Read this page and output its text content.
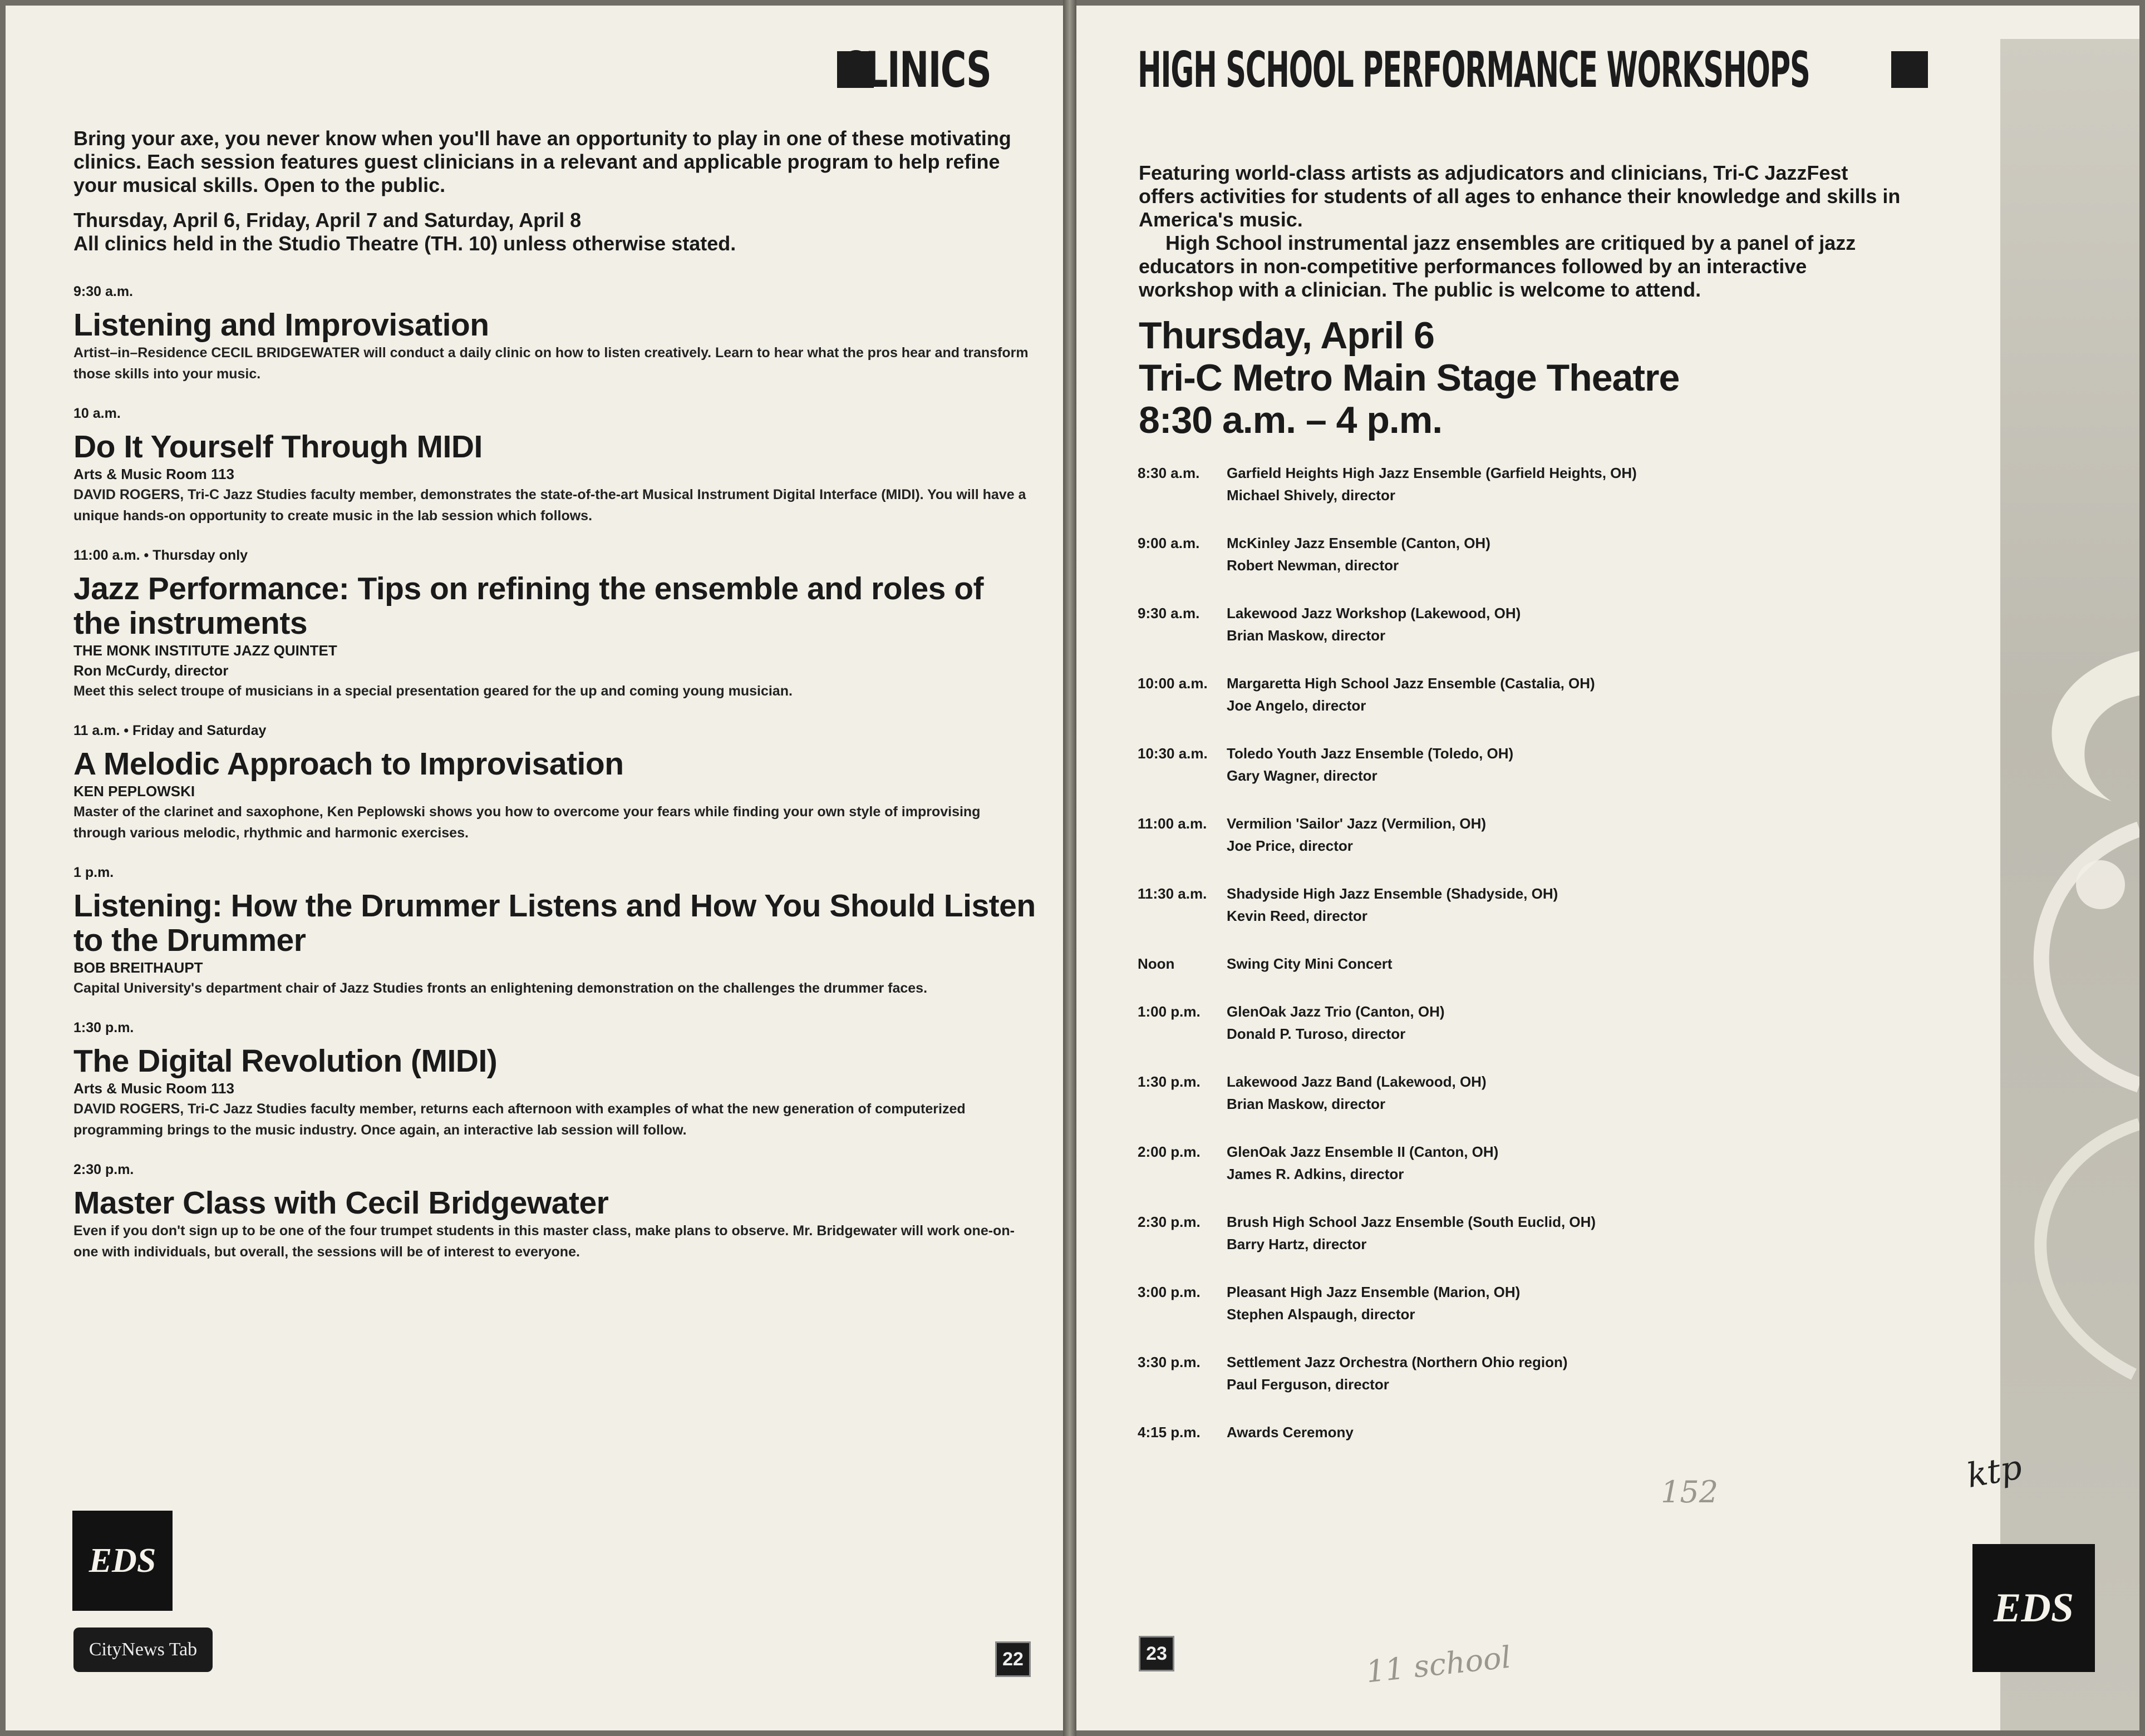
CLINICS
Bring your axe, you never know when you'll have an opportunity to play in one of these motivating clinics. Each session features guest clinicians in a relevant and applicable program to help refine your musical skills. Open to the public.
Thursday, April 6, Friday, April 7 and Saturday, April 8
All clinics held in the Studio Theatre (TH. 10) unless otherwise stated.
9:30 a.m.
Listening and Improvisation
Artist–in–Residence CECIL BRIDGEWATER will conduct a daily clinic on how to listen creatively. Learn to hear what the pros hear and transform those skills into your music.
10 a.m.
Do It Yourself Through MIDI
Arts & Music Room 113
DAVID ROGERS, Tri-C Jazz Studies faculty member, demonstrates the state-of-the-art Musical Instrument Digital Interface (MIDI). You will have a unique hands-on opportunity to create music in the lab session which follows.
11:00 a.m. • Thursday only
Jazz Performance: Tips on refining the ensemble and roles of the instruments
THE MONK INSTITUTE JAZZ QUINTET
Ron McCurdy, director
Meet this select troupe of musicians in a special presentation geared for the up and coming young musician.
11 a.m. • Friday and Saturday
A Melodic Approach to Improvisation
KEN PEPLOWSKI
Master of the clarinet and saxophone, Ken Peplowski shows you how to overcome your fears while finding your own style of improvising through various melodic, rhythmic and harmonic exercises.
1 p.m.
Listening: How the Drummer Listens and How You Should Listen to the Drummer
BOB BREITHAUPT
Capital University's department chair of Jazz Studies fronts an enlightening demonstration on the challenges the drummer faces.
1:30 p.m.
The Digital Revolution (MIDI)
Arts & Music Room 113
DAVID ROGERS, Tri-C Jazz Studies faculty member, returns each afternoon with examples of what the new generation of computerized programming brings to the music industry. Once again, an interactive lab session will follow.
2:30 p.m.
Master Class with Cecil Bridgewater
Even if you don't sign up to be one of the four trumpet students in this master class, make plans to observe. Mr. Bridgewater will work one-on-one with individuals, but overall, the sessions will be of interest to everyone.
EDS
CityNews Tab	22
HIGH SCHOOL PERFORMANCE WORKSHOPS
Featuring world-class artists as adjudicators and clinicians, Tri-C JazzFest offers activities for students of all ages to enhance their knowledge and skills in America's music.
High School instrumental jazz ensembles are critiqued by a panel of jazz educators in non-competitive performances followed by an interactive workshop with a clinician. The public is welcome to attend.
Thursday, April 6
Tri-C Metro Main Stage Theatre
8:30 a.m. – 4 p.m.
8:30 a.m.	Garfield Heights High Jazz Ensemble (Garfield Heights, OH)
Michael Shively, director
9:00 a.m.	McKinley Jazz Ensemble (Canton, OH)
Robert Newman, director
9:30 a.m.	Lakewood Jazz Workshop (Lakewood, OH)
Brian Maskow, director
10:00 a.m.	Margaretta High School Jazz Ensemble (Castalia, OH)
Joe Angelo, director
10:30 a.m.	Toledo Youth Jazz Ensemble (Toledo, OH)
Gary Wagner, director
11:00 a.m.	Vermilion 'Sailor' Jazz (Vermilion, OH)
Joe Price, director
11:30 a.m.	Shadyside High Jazz Ensemble (Shadyside, OH)
Kevin Reed, director
Noon	Swing City Mini Concert
1:00 p.m.	GlenOak Jazz Trio (Canton, OH)
Donald P. Turoso, director
1:30 p.m.	Lakewood Jazz Band (Lakewood, OH)
Brian Maskow, director
2:00 p.m.	GlenOak Jazz Ensemble II (Canton, OH)
James R. Adkins, director
2:30 p.m.	Brush High School Jazz Ensemble (South Euclid, OH)
Barry Hartz, director
3:00 p.m.	Pleasant High Jazz Ensemble (Marion, OH)
Stephen Alspaugh, director
3:30 p.m.	Settlement Jazz Orchestra (Northern Ohio region)
Paul Ferguson, director
4:15 p.m.	Awards Ceremony
ktp
EDS
23	11 school
152
